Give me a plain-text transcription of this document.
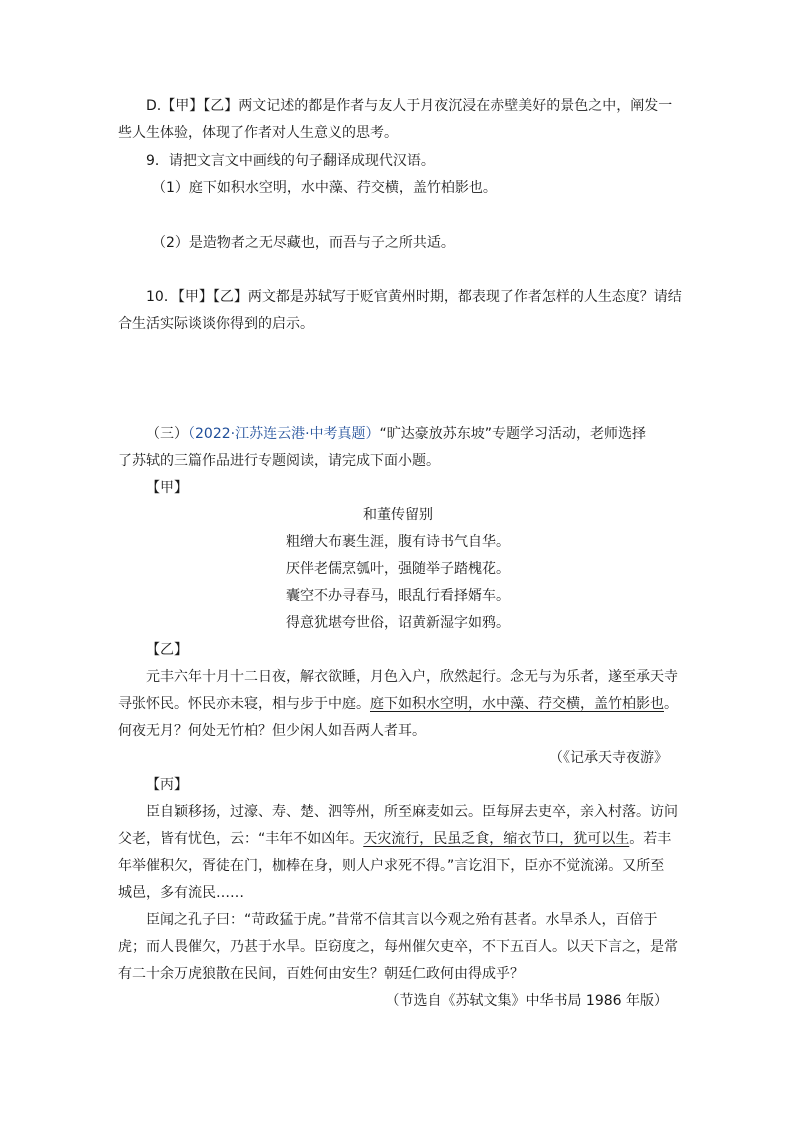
D.【甲】【乙】两文记述的都是作者与友人于月夜沉浸在赤壁美好的景色之中，阐发一
些人生体验，体现了作者对人生意义的思考。
9．请把文言文中画线的句子翻译成现代汉语。
（1）庭下如积水空明，水中藻、荇交横，盖竹柏影也。
（2）是造物者之无尽藏也，而吾与子之所共适。
10．【甲】【乙】两文都是苏轼写于贬官黄州时期，都表现了作者怎样的人生态度？请结
合生活实际谈谈你得到的启示。
（三）（2022·江苏连云港·中考真题）“旷达豪放苏东坡”专题学习活动，老师选择
了苏轼的三篇作品进行专题阅读，请完成下面小题。
【甲】
和董传留别
粗缯大布裹生涯，腹有诗书气自华。
厌伴老儒烹瓠叶，强随举子踏槐花。
囊空不办寻春马，眼乱行看择婿车。
得意犹堪夸世俗，诏黄新湿字如鸦。
【乙】
元丰六年十月十二日夜，解衣欲睡，月色入户，欣然起行。念无与为乐者，遂至承天寺
寻张怀民。怀民亦未寝，相与步于中庭。庭下如积水空明，水中藻、荇交横，盖竹柏影也。
何夜无月？何处无竹柏？但少闲人如吾两人者耳。
（《记承天寺夜游》
【丙】
臣自颖移扬，过濠、寿、楚、泗等州，所至麻麦如云。臣每屏去吏卒，亲入村落。访问
父老，皆有忧色，云：“丰年不如凶年。天灾流行，民虽乏食，缩衣节口，犹可以生。若丰
年举催积欠，胥徒在门，枷棒在身，则人户求死不得。”言讫泪下，臣亦不觉流涕。又所至
城邑，多有流民……
臣闻之孔子曰：“苛政猛于虎。”昔常不信其言以今观之殆有甚者。水旱杀人，百倍于
虎；而人畏催欠，乃甚于水旱。臣窃度之，每州催欠吏卒，不下五百人。以天下言之，是常
有二十余万虎狼散在民间，百姓何由安生？朝廷仁政何由得成乎？
（节选自《苏轼文集》中华书局 1986 年版）
